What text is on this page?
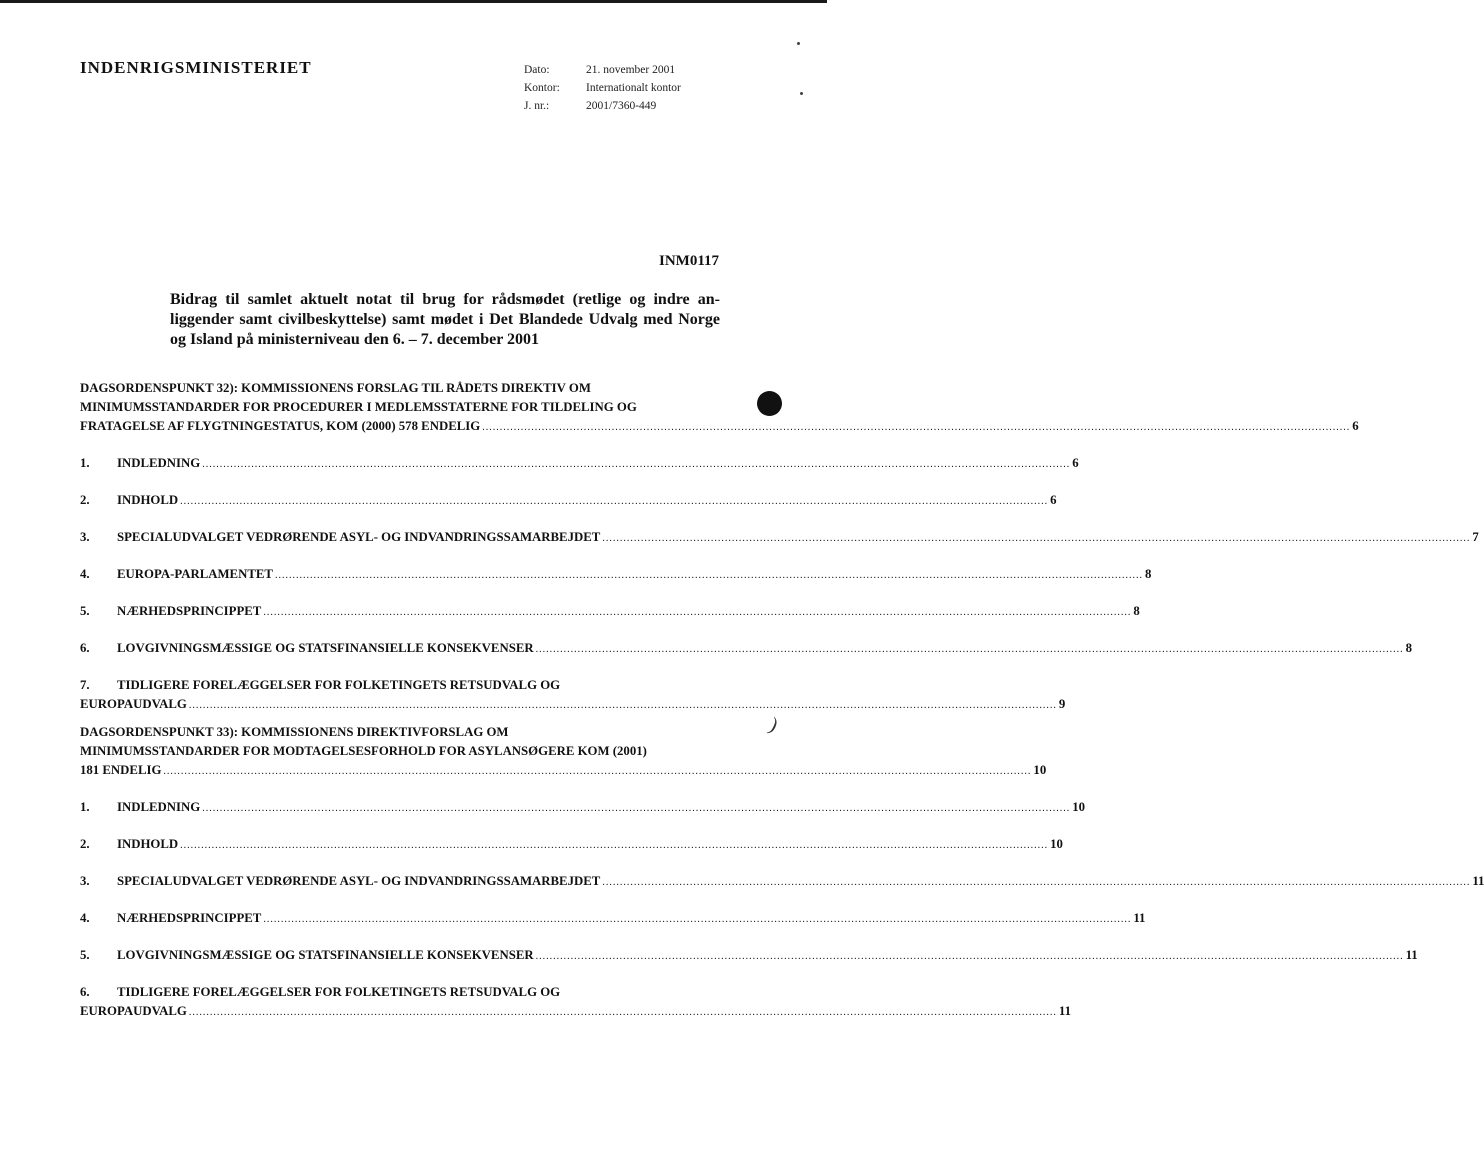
INDENRIGSMINISTERIET	Dato:	21. november 2001
Kontor:	Internationalt kontor
J. nr.:	2001/7360-449
INM0117
Bidrag til samlet aktuelt notat til brug for rådsmødet (retlige og indre an-liggender samt civilbeskyttelse) samt mødet i Det Blandede Udvalg med Norge og Island på ministerniveau den 6. – 7. december 2001
DAGSORDENSPUNKT 32): KOMMISSIONENS FORSLAG TIL RÅDETS DIREKTIV OM
MINIMUMSSTANDARDER FOR PROCEDURER I MEDLEMSSTATERNE FOR TILDELING OG
FRATAGELSE AF FLYGTNINGESTATUS, KOM (2000) 578 ENDELIG ........................................................................................................................................................................................................................................................ 6
1.	INDLEDNING ........................................................................................................................................................................................................................................................ 6
2.	INDHOLD ........................................................................................................................................................................................................................................................ 6
3.	SPECIALUDVALGET VEDRØRENDE ASYL- OG INDVANDRINGSSAMARBEJDET ........................................................................................................................................................................................................................................................ 7
4.	EUROPA-PARLAMENTET ........................................................................................................................................................................................................................................................ 8
5.	NÆRHEDSPRINCIPPET ........................................................................................................................................................................................................................................................ 8
6.	LOVGIVNINGSMÆSSIGE OG STATSFINANSIELLE KONSEKVENSER ........................................................................................................................................................................................................................................................ 8
7.	TIDLIGERE FORELÆGGELSER FOR FOLKETINGETS RETSUDVALG OG
EUROPAUDVALG ........................................................................................................................................................................................................................................................ 9
DAGSORDENSPUNKT 33): KOMMISSIONENS DIREKTIVFORSLAG OM
MINIMUMSSTANDARDER FOR MODTAGELSESFORHOLD FOR ASYLANSØGERE KOM (2001)
181 ENDELIG ........................................................................................................................................................................................................................................................ 10
1.	INDLEDNING ........................................................................................................................................................................................................................................................ 10
2.	INDHOLD ........................................................................................................................................................................................................................................................ 10
3.	SPECIALUDVALGET VEDRØRENDE ASYL- OG INDVANDRINGSSAMARBEJDET ........................................................................................................................................................................................................................................................ 11
4.	NÆRHEDSPRINCIPPET ........................................................................................................................................................................................................................................................ 11
5.	LOVGIVNINGSMÆSSIGE OG STATSFINANSIELLE KONSEKVENSER ........................................................................................................................................................................................................................................................ 11
6.	TIDLIGERE FORELÆGGELSER FOR FOLKETINGETS RETSUDVALG OG
EUROPAUDVALG ........................................................................................................................................................................................................................................................ 11
)
